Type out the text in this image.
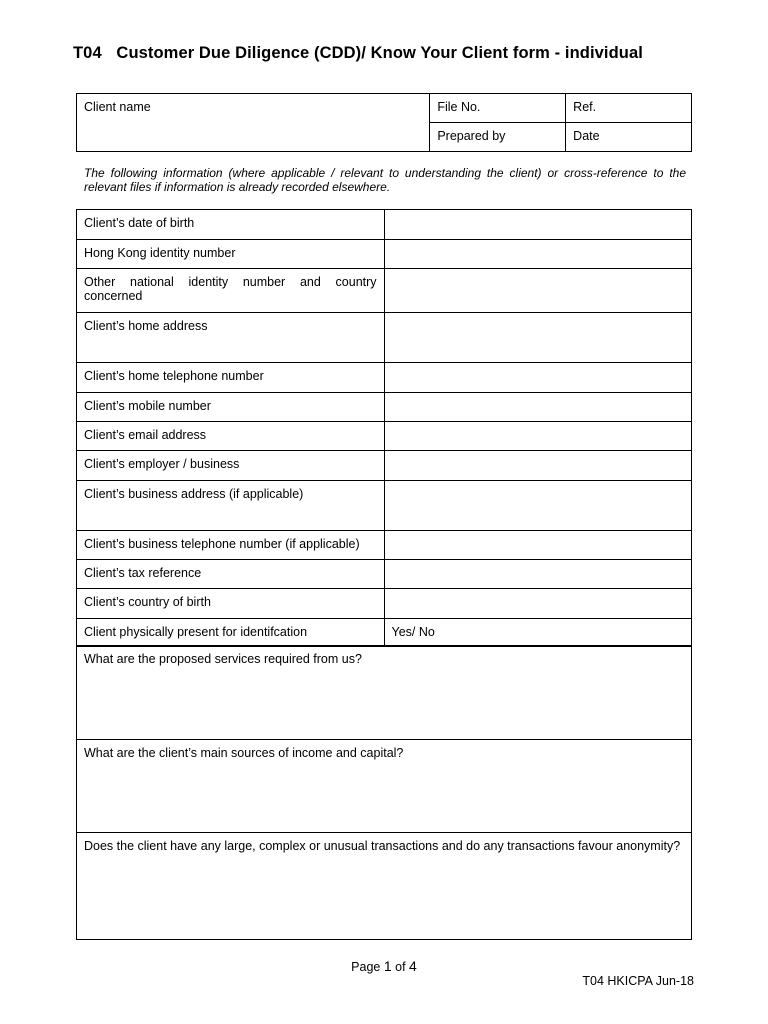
T04 Customer Due Diligence (CDD)/ Know Your Client form - individual
Client name	File No.	Ref.
	Prepared by	Date
The following information (where applicable / relevant to understanding the client) or cross-reference to the relevant files if information is already recorded elsewhere.
Client’s date of birth	
Hong Kong identity number	
Other national identity number and country concerned	
Client’s home address	
Client’s home telephone number	
Client’s mobile number	
Client’s email address	
Client’s employer / business	
Client’s business address (if applicable)	
Client’s business telephone number (if applicable)	
Client’s tax reference	
Client’s country of birth	
Client physically present for identifcation	Yes/ No
What are the proposed services required from us?
What are the client’s main sources of income and capital?
Does the client have any large, complex or unusual transactions and do any transactions favour anonymity?
Page 1 of 4
T04 HKICPA Jun-18
